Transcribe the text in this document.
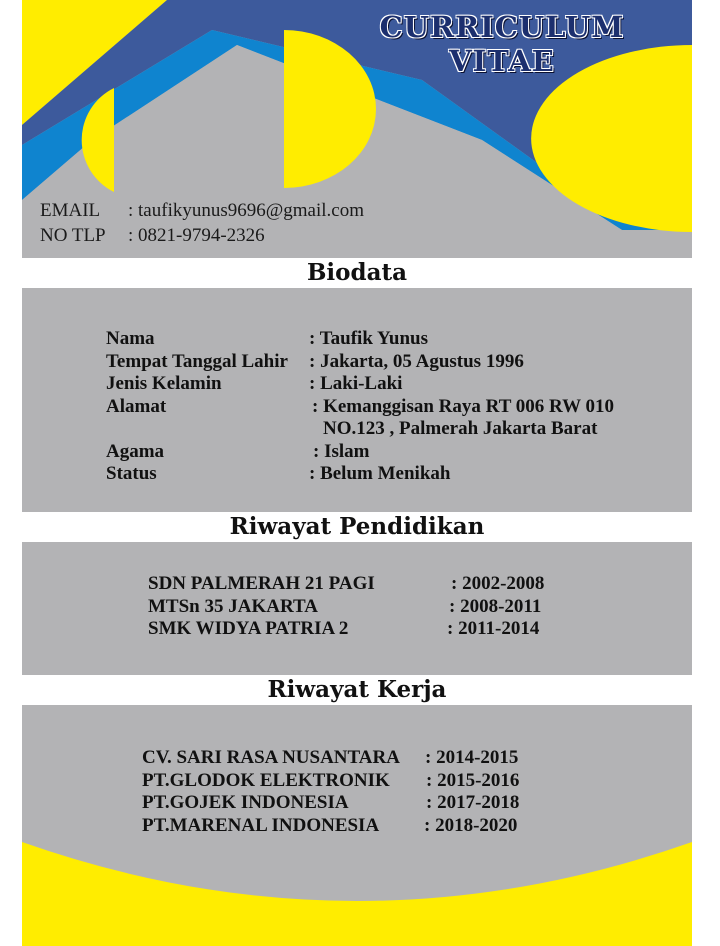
CURRICULUM
VITAE
EMAIL	: taufikyunus9696@gmail.com
NO TLP	: 0821-9794-2326
Biodata
Nama	: Taufik Yunus
Tempat Tanggal Lahir	: Jakarta, 05 Agustus 1996
Jenis Kelamin	: Laki-Laki
Alamat	: Kemanggisan Raya RT 006 RW 010
NO.123 , Palmerah Jakarta Barat
Agama	: Islam
Status	: Belum Menikah
Riwayat Pendidikan
SDN PALMERAH 21 PAGI	: 2002-2008
MTSn 35 JAKARTA	: 2008-2011
SMK WIDYA PATRIA 2	: 2011-2014
Riwayat Kerja
CV. SARI RASA NUSANTARA	: 2014-2015
PT.GLODOK ELEKTRONIK	: 2015-2016
PT.GOJEK INDONESIA	: 2017-2018
PT.MARENAL INDONESIA	: 2018-2020
